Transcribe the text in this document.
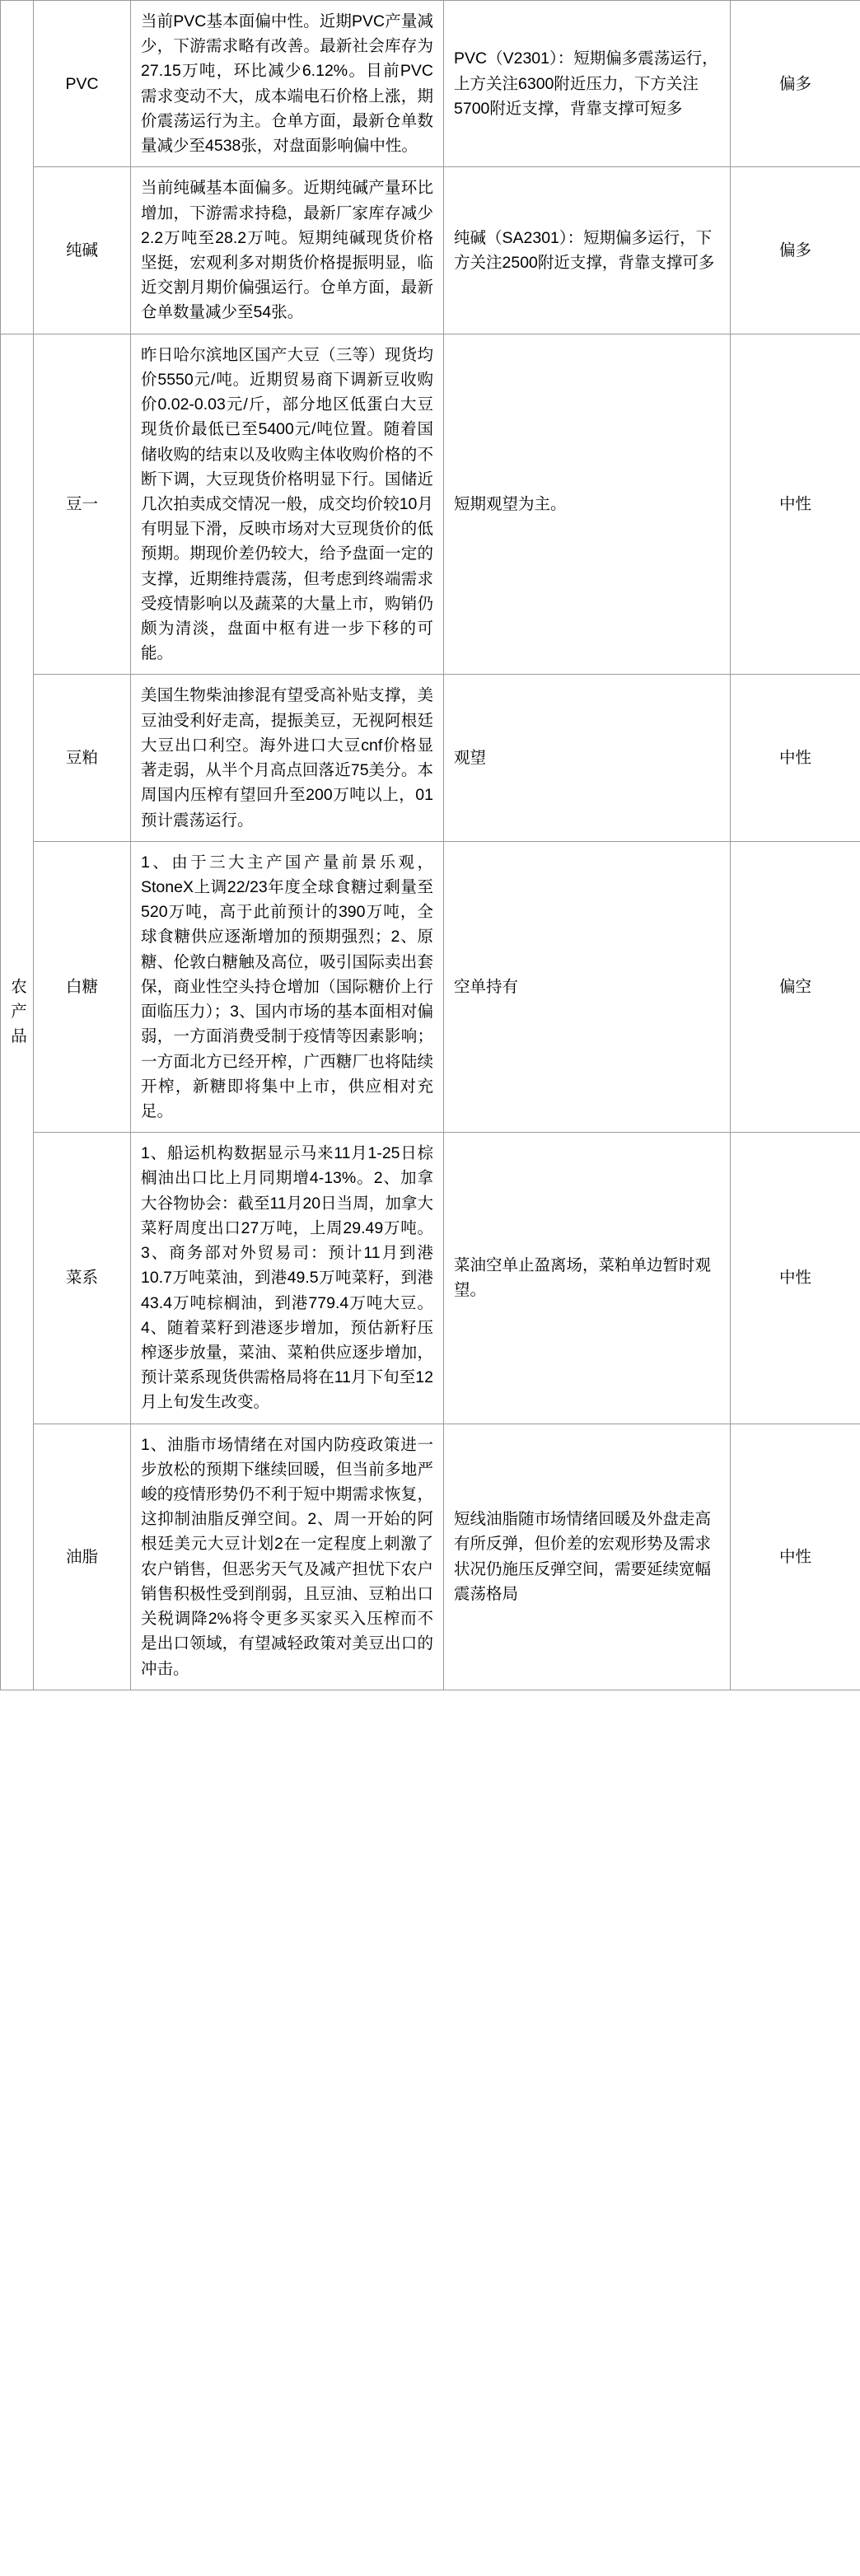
	PVC	当前PVC基本面偏中性。近期PVC产量减少，下游需求略有改善。最新社会库存为27.15万吨，环比减少6.12%。目前PVC需求变动不大，成本端电石价格上涨，期价震荡运行为主。仓单方面，最新仓单数量减少至4538张，对盘面影响偏中性。	PVC（V2301）：短期偏多震荡运行，上方关注6300附近压力，下方关注5700附近支撑，背靠支撑可短多	偏多
	纯碱	当前纯碱基本面偏多。近期纯碱产量环比增加，下游需求持稳，最新厂家库存减少2.2万吨至28.2万吨。短期纯碱现货价格坚挺，宏观利多对期货价格提振明显，临近交割月期价偏强运行。仓单方面，最新仓单数量减少至54张。	纯碱（SA2301）：短期偏多运行，下方关注2500附近支撑，背靠支撑可多	偏多

农产品	豆一	昨日哈尔滨地区国产大豆（三等）现货均价5550元/吨。近期贸易商下调新豆收购价0.02-0.03元/斤，部分地区低蛋白大豆现货价最低已至5400元/吨位置。随着国储收购的结束以及收购主体收购价格的不断下调，大豆现货价格明显下行。国储近几次拍卖成交情况一般，成交均价较10月有明显下滑，反映市场对大豆现货价的低预期。期现价差仍较大，给予盘面一定的支撑，近期维持震荡，但考虑到终端需求受疫情影响以及蔬菜的大量上市，购销仍颇为清淡，盘面中枢有进一步下移的可能。	短期观望为主。	中性
	豆粕	美国生物柴油掺混有望受高补贴支撑，美豆油受利好走高，提振美豆，无视阿根廷大豆出口利空。海外进口大豆cnf价格显著走弱，从半个月高点回落近75美分。本周国内压榨有望回升至200万吨以上，01预计震荡运行。	观望	中性
	白糖	1、由于三大主产国产量前景乐观，StoneX上调22/23年度全球食糖过剩量至520万吨，高于此前预计的390万吨，全球食糖供应逐渐增加的预期强烈；2、原糖、伦敦白糖触及高位，吸引国际卖出套保，商业性空头持仓增加（国际糖价上行面临压力）；3、国内市场的基本面相对偏弱，一方面消费受制于疫情等因素影响；一方面北方已经开榨，广西糖厂也将陆续开榨，新糖即将集中上市，供应相对充足。	空单持有	偏空
	菜系	1、船运机构数据显示马来11月1-25日棕榈油出口比上月同期增4-13%。2、加拿大谷物协会：截至11月20日当周，加拿大菜籽周度出口27万吨，上周29.49万吨。3、商务部对外贸易司：预计11月到港10.7万吨菜油，到港49.5万吨菜籽，到港43.4万吨棕榈油，到港779.4万吨大豆。4、随着菜籽到港逐步增加，预估新籽压榨逐步放量，菜油、菜粕供应逐步增加，预计菜系现货供需格局将在11月下旬至12月上旬发生改变。	菜油空单止盈离场，菜粕单边暂时观望。	中性
	油脂	1、油脂市场情绪在对国内防疫政策进一步放松的预期下继续回暖，但当前多地严峻的疫情形势仍不利于短中期需求恢复，这抑制油脂反弹空间。2、周一开始的阿根廷美元大豆计划2在一定程度上刺激了农户销售，但恶劣天气及减产担忧下农户销售积极性受到削弱，且豆油、豆粕出口关税调降2%将令更多买家买入压榨而不是出口领域，有望减轻政策对美豆出口的冲击。	短线油脂随市场情绪回暖及外盘走高有所反弹，但价差的宏观形势及需求状况仍施压反弹空间，需要延续宽幅震荡格局	中性
